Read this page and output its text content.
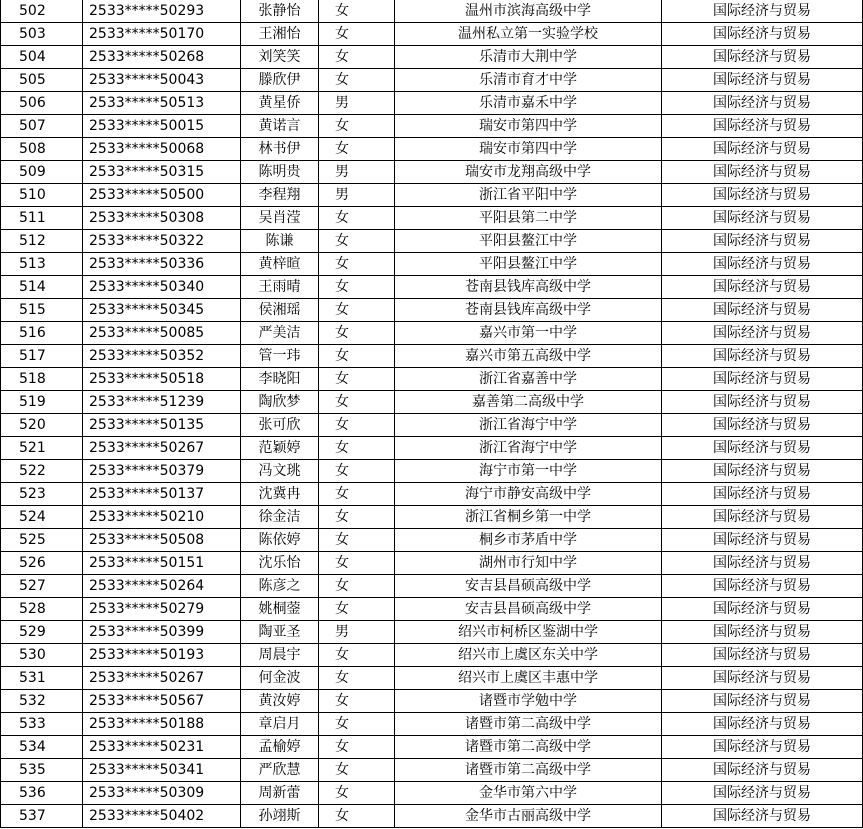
502	2533*****50293	张静怡	女	温州市滨海高级中学	国际经济与贸易
503	2533*****50170	王湘怡	女	温州私立第一实验学校	国际经济与贸易
504	2533*****50268	刘笑笑	女	乐清市大荆中学	国际经济与贸易
505	2533*****50043	滕欣伊	女	乐清市育才中学	国际经济与贸易
506	2533*****50513	黄星侨	男	乐清市嘉禾中学	国际经济与贸易
507	2533*****50015	黄诺言	女	瑞安市第四中学	国际经济与贸易
508	2533*****50068	林书伊	女	瑞安市第四中学	国际经济与贸易
509	2533*****50315	陈明贵	男	瑞安市龙翔高级中学	国际经济与贸易
510	2533*****50500	李程翔	男	浙江省平阳中学	国际经济与贸易
511	2533*****50308	吴肖滢	女	平阳县第二中学	国际经济与贸易
512	2533*****50322	陈谦	女	平阳县鳌江中学	国际经济与贸易
513	2533*****50336	黄梓暄	女	平阳县鳌江中学	国际经济与贸易
514	2533*****50340	王雨晴	女	苍南县钱库高级中学	国际经济与贸易
515	2533*****50345	侯湘瑶	女	苍南县钱库高级中学	国际经济与贸易
516	2533*****50085	严美洁	女	嘉兴市第一中学	国际经济与贸易
517	2533*****50352	管一玮	女	嘉兴市第五高级中学	国际经济与贸易
518	2533*****50518	李晓阳	女	浙江省嘉善中学	国际经济与贸易
519	2533*****51239	陶欣梦	女	嘉善第二高级中学	国际经济与贸易
520	2533*****50135	张可欣	女	浙江省海宁中学	国际经济与贸易
521	2533*****50267	范颖婷	女	浙江省海宁中学	国际经济与贸易
522	2533*****50379	冯文珧	女	海宁市第一中学	国际经济与贸易
523	2533*****50137	沈冀冉	女	海宁市静安高级中学	国际经济与贸易
524	2533*****50210	徐金洁	女	浙江省桐乡第一中学	国际经济与贸易
525	2533*****50508	陈依婷	女	桐乡市茅盾中学	国际经济与贸易
526	2533*****50151	沈乐怡	女	湖州市行知中学	国际经济与贸易
527	2533*****50264	陈彦之	女	安吉县昌硕高级中学	国际经济与贸易
528	2533*****50279	姚桐蓥	女	安吉县昌硕高级中学	国际经济与贸易
529	2533*****50399	陶亚圣	男	绍兴市柯桥区鉴湖中学	国际经济与贸易
530	2533*****50193	周晨宇	女	绍兴市上虞区东关中学	国际经济与贸易
531	2533*****50267	何金波	女	绍兴市上虞区丰惠中学	国际经济与贸易
532	2533*****50567	黄汝婷	女	诸暨市学勉中学	国际经济与贸易
533	2533*****50188	章启月	女	诸暨市第二高级中学	国际经济与贸易
534	2533*****50231	孟榆婷	女	诸暨市第二高级中学	国际经济与贸易
535	2533*****50341	严欣慧	女	诸暨市第二高级中学	国际经济与贸易
536	2533*****50309	周新蕾	女	金华市第六中学	国际经济与贸易
537	2533*****50402	孙翊斯	女	金华市古丽高级中学	国际经济与贸易
